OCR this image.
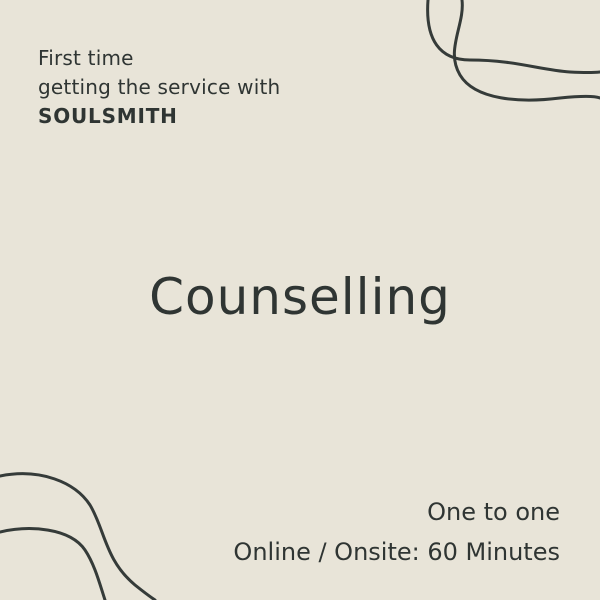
First time
getting the service with
SOULSMITH
Counselling
One to one
Online / Onsite: 60 Minutes
